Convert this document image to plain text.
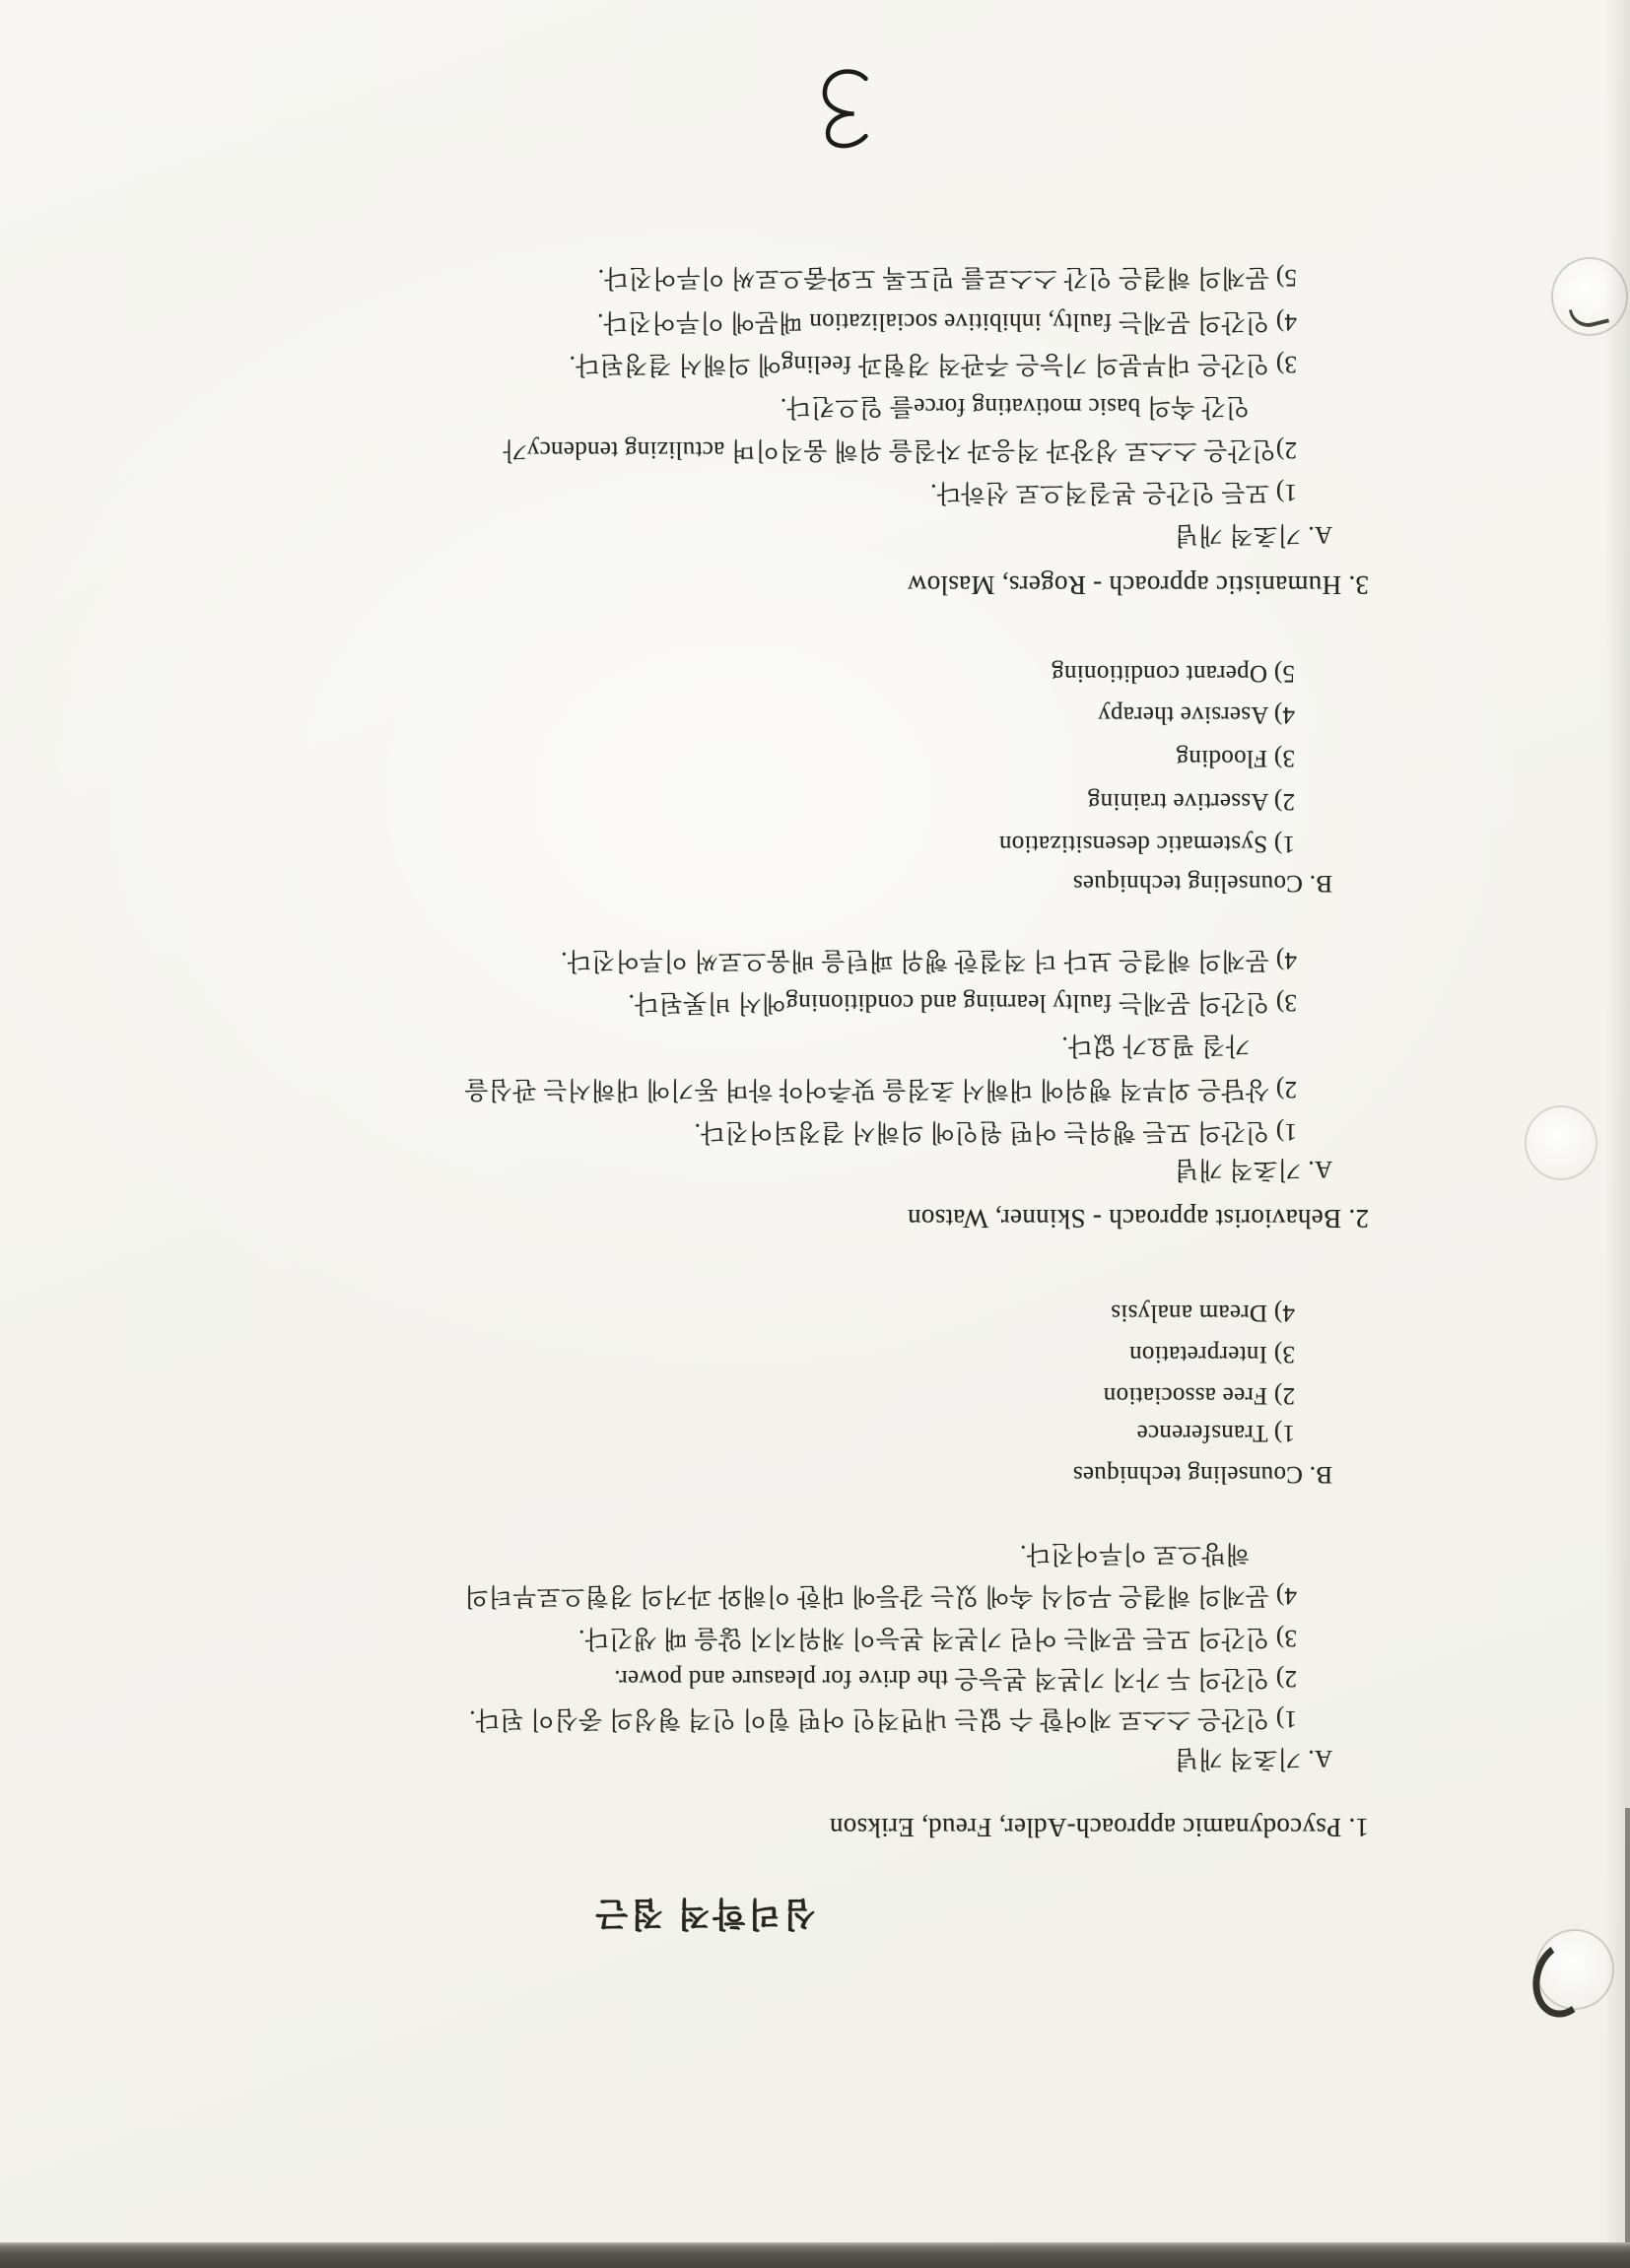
심리학적 접근
1. Psycodynamic approach-Adler, Freud, Erikson
A. 기초적 개념
1) 인간은 스스로 제어할 수 없는 내면적인 어떤 힘이 인격 형성의 중심이 된다.
2) 인간의 두 가지 기본적 본능은 the drive for pleasure and power.
3) 인간의 모든 문제는 어린 기본적 본능이 채워지지 않을 때 생긴다.
4) 문제의 해결은 무의식 속에 있는 갈등에 대한 이해와 과거의 경험으로부터의
해방으로 이루어진다.
B. Counseling techniques
1) Transference
2) Free association
3) Interpretation
4) Dream analysis
2. Behaviorist approach - Skinner, Watson
A. 기초적 개념
1) 인간의 모든 행위는 어떤 원인에 의해서 결정되어진다.
2) 상담은 외부적 행위에 대해서 초점을 맞추어야 하며 동기에 대해서는 관심을
가질 필요가 없다.
3) 인간의 문제는 faulty learning and conditioning에서 비롯된다.
4) 문제의 해결은 보다 더 적절한 행위 패턴을 배움으로써 이루어진다.
B. Counseling techniques
1) Systematic desensitization
2) Assertive training
3) Flooding
4) Asersive therapy
5) Operant conditioning
3. Humanistic approach - Rogers, Maslow
A. 기초적 개념
1) 모든 인간은 본질적으로 선하다.
2)인간은 스스로 성장과 적응과 자질을 위해 움직이며 actulizing tendency가
인간 속의 basic motivating force를 일으킨다.
3) 인간은 대부분의 기능은 주관적 경험과 feeling에 의해서 결정된다.
4) 인간의 문제는 faulty, inhibitive socialization 때문에 이루어진다.
5) 문제의 해결은 인간 스스로를 믿도록 도와줌으로써 이루어진다.
